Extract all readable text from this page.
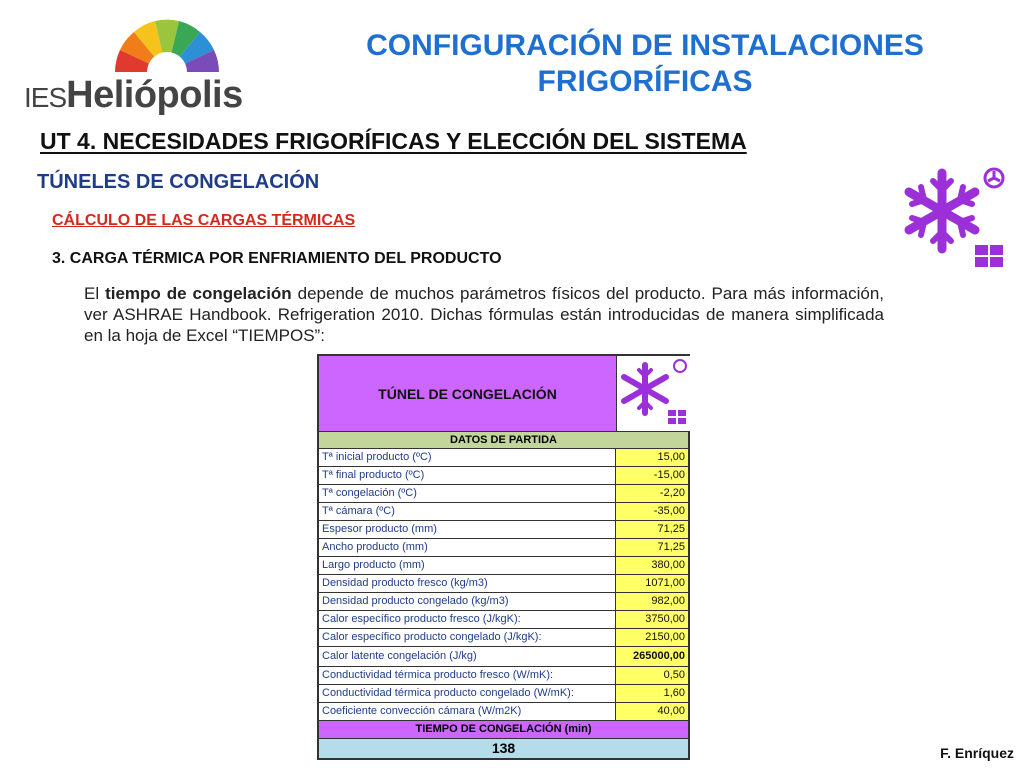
IESHeliópolis
CONFIGURACIÓN DE INSTALACIONES
FRIGORÍFICAS
UT 4. NECESIDADES FRIGORÍFICAS Y ELECCIÓN DEL SISTEMA
TÚNELES DE CONGELACIÓN
CÁLCULO DE LAS CARGAS TÉRMICAS
3. CARGA TÉRMICA POR ENFRIAMIENTO DEL PRODUCTO
El tiempo de congelación depende de muchos parámetros físicos del producto. Para más información, ver ASHRAE Handbook. Refrigeration 2010. Dichas fórmulas están introducidas de manera simplificada en la hoja de Excel “TIEMPOS”:
TÚNEL DE CONGELACIÓN
DATOS DE PARTIDA
Tª inicial producto (ºC)	15,00
Tª final producto (ºC)	-15,00
Tª congelación (ºC)	-2,20
Tª cámara (ºC)	-35,00
Espesor producto (mm)	71,25
Ancho producto (mm)	71,25
Largo producto (mm)	380,00
Densidad producto fresco (kg/m3)	1071,00
Densidad producto congelado (kg/m3)	982,00
Calor específico producto fresco (J/kgK):	3750,00
Calor específico producto congelado (J/kgK):	2150,00
Calor latente congelación (J/kg)	265000,00
Conductividad térmica producto fresco (W/mK):	0,50
Conductividad térmica producto congelado (W/mK):	1,60
Coeficiente convección cámara (W/m2K)	40,00
TIEMPO DE CONGELACIÓN (min)
138	F. Enríquez
